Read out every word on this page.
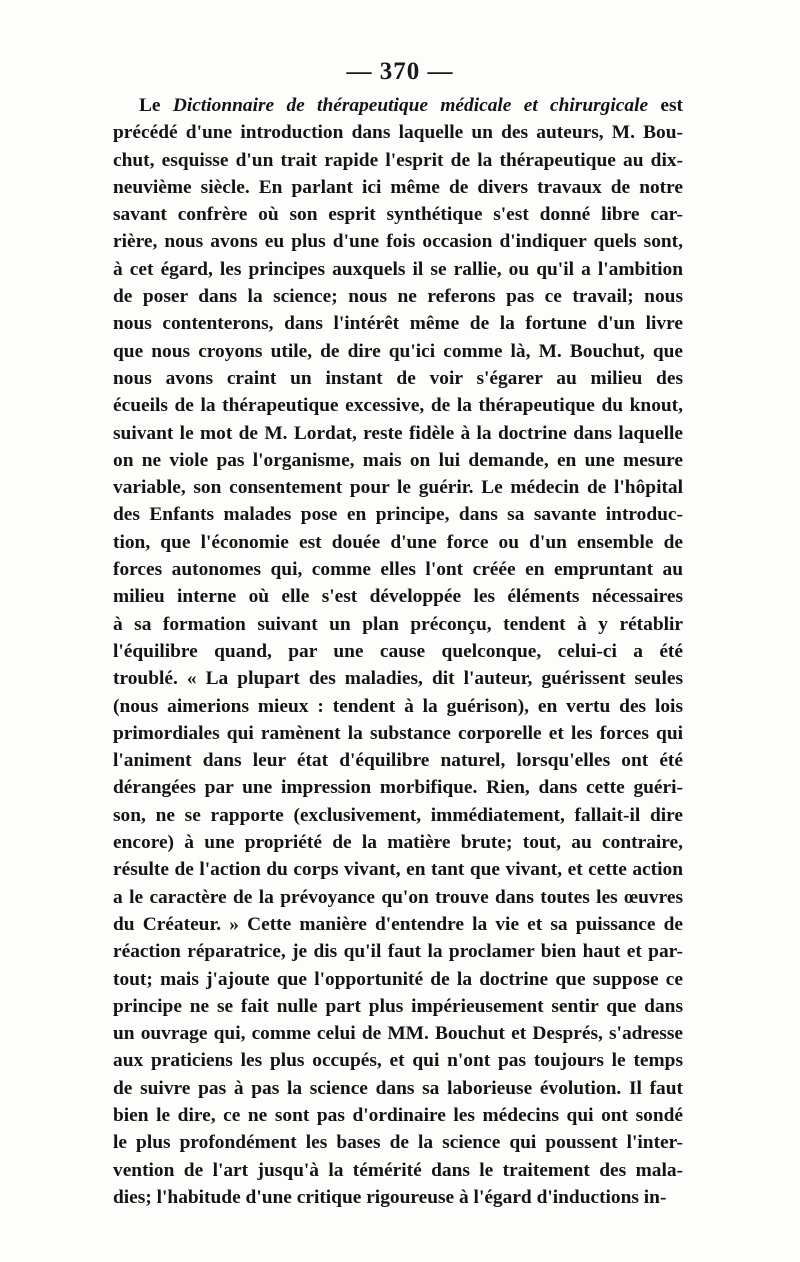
— 370 —
Le Dictionnaire de thérapeutique médicale et chirurgicale est
précédé d'une introduction dans laquelle un des auteurs, M. Bou-
chut, esquisse d'un trait rapide l'esprit de la thérapeutique au dix-
neuvième siècle. En parlant ici même de divers travaux de notre
savant confrère où son esprit synthétique s'est donné libre car-
rière, nous avons eu plus d'une fois occasion d'indiquer quels sont,
à cet égard, les principes auxquels il se rallie, ou qu'il a l'ambition
de poser dans la science; nous ne referons pas ce travail; nous
nous contenterons, dans l'intérêt même de la fortune d'un livre
que nous croyons utile, de dire qu'ici comme là, M. Bouchut, que
nous avons craint un instant de voir s'égarer au milieu des
écueils de la thérapeutique excessive, de la thérapeutique du knout,
suivant le mot de M. Lordat, reste fidèle à la doctrine dans laquelle
on ne viole pas l'organisme, mais on lui demande, en une mesure
variable, son consentement pour le guérir. Le médecin de l'hôpital
des Enfants malades pose en principe, dans sa savante introduc-
tion, que l'économie est douée d'une force ou d'un ensemble de
forces autonomes qui, comme elles l'ont créée en empruntant au
milieu interne où elle s'est développée les éléments nécessaires
à sa formation suivant un plan préconçu, tendent à y rétablir
l'équilibre quand, par une cause quelconque, celui-ci a été
troublé. « La plupart des maladies, dit l'auteur, guérissent seules
(nous aimerions mieux : tendent à la guérison), en vertu des lois
primordiales qui ramènent la substance corporelle et les forces qui
l'animent dans leur état d'équilibre naturel, lorsqu'elles ont été
dérangées par une impression morbifique. Rien, dans cette guéri-
son, ne se rapporte (exclusivement, immédiatement, fallait-il dire
encore) à une propriété de la matière brute; tout, au contraire,
résulte de l'action du corps vivant, en tant que vivant, et cette action
a le caractère de la prévoyance qu'on trouve dans toutes les œuvres
du Créateur. » Cette manière d'entendre la vie et sa puissance de
réaction réparatrice, je dis qu'il faut la proclamer bien haut et par-
tout; mais j'ajoute que l'opportunité de la doctrine que suppose ce
principe ne se fait nulle part plus impérieusement sentir que dans
un ouvrage qui, comme celui de MM. Bouchut et Després, s'adresse
aux praticiens les plus occupés, et qui n'ont pas toujours le temps
de suivre pas à pas la science dans sa laborieuse évolution. Il faut
bien le dire, ce ne sont pas d'ordinaire les médecins qui ont sondé
le plus profondément les bases de la science qui poussent l'inter-
vention de l'art jusqu'à la témérité dans le traitement des mala-
dies; l'habitude d'une critique rigoureuse à l'égard d'inductions in-
